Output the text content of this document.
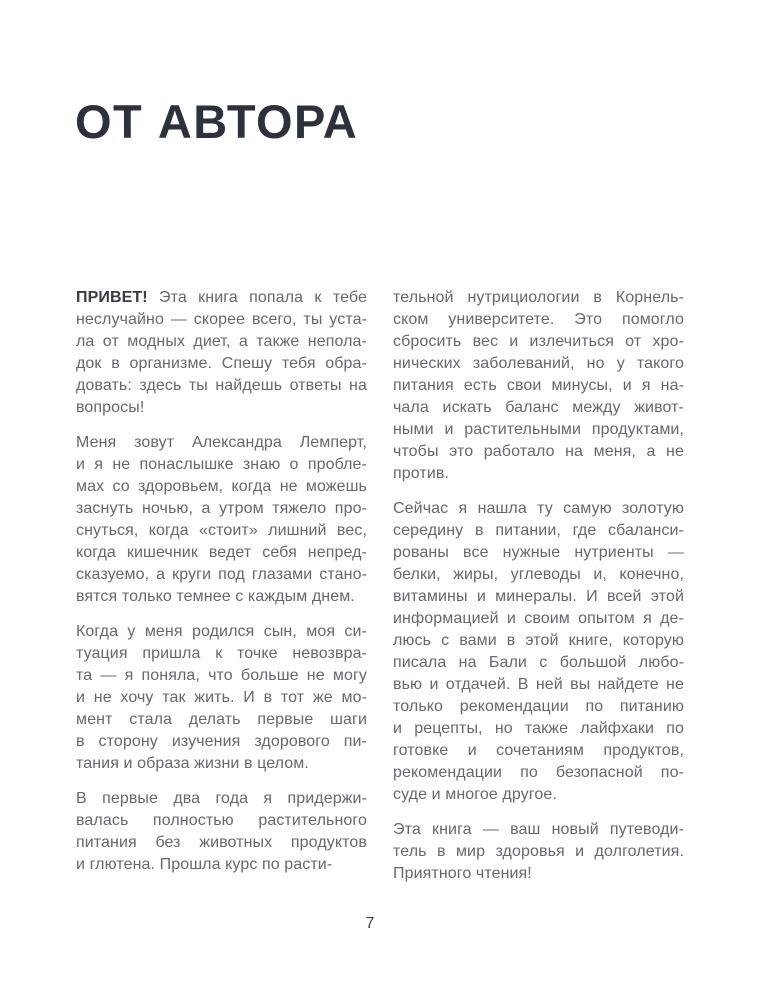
ОТ АВТОРА

ПРИВЕТ! Эта книга попала к тебе
неслучайно — скорее всего, ты уста-
ла от модных диет, а также непола-
док в организме. Спешу тебя обра-
довать: здесь ты найдешь ответы на
вопросы!

Меня зовут Александра Лемперт,
и я не понаслышке знаю о пробле-
мах со здоровьем, когда не можешь
заснуть ночью, а утром тяжело про-
снуться, когда «стоит» лишний вес,
когда кишечник ведет себя непред-
сказуемо, а круги под глазами стано-
вятся только темнее с каждым днем.

Когда у меня родился сын, моя си-
туация пришла к точке невозвра-
та — я поняла, что больше не могу
и не хочу так жить. И в тот же мо-
мент стала делать первые шаги
в сторону изучения здорового пи-
тания и образа жизни в целом.

В первые два года я придержи-
валась полностью растительного
питания без животных продуктов
и глютена. Прошла курс по расти-

тельной нутрициологии в Корнель-
ском университете. Это помогло
сбросить вес и излечиться от хро-
нических заболеваний, но у такого
питания есть свои минусы, и я на-
чала искать баланс между живот-
ными и растительными продуктами,
чтобы это работало на меня, а не
против.

Сейчас я нашла ту самую золотую
середину в питании, где сбаланси-
рованы все нужные нутриенты —
белки, жиры, углеводы и, конечно,
витамины и минералы. И всей этой
информацией и своим опытом я де-
люсь с вами в этой книге, которую
писала на Бали с большой любо-
вью и отдачей. В ней вы найдете не
только рекомендации по питанию
и рецепты, но также лайфхаки по
готовке и сочетаниям продуктов,
рекомендации по безопасной по-
суде и многое другое.

Эта книга — ваш новый путеводи-
тель в мир здоровья и долголетия.
Приятного чтения!

7
